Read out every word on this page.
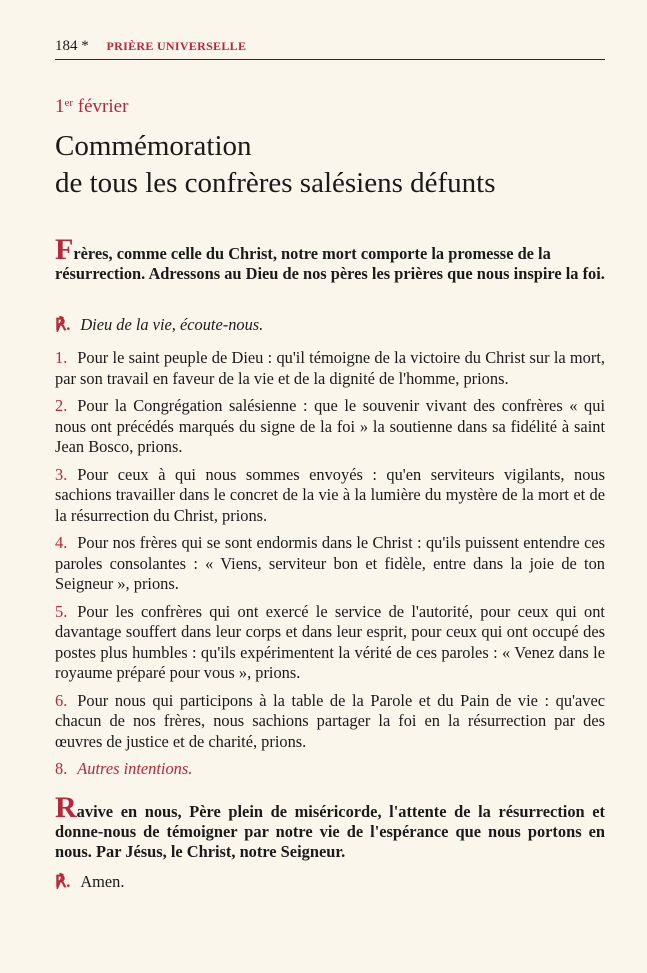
184 * PRIÈRE UNIVERSELLE
1er février
Commémoration
de tous les confrères salésiens défunts
Frères, comme celle du Christ, notre mort comporte la promesse de la résurrection. Adressons au Dieu de nos pères les prières que nous inspire la foi.
℟. Dieu de la vie, écoute-nous.
1. Pour le saint peuple de Dieu : qu'il témoigne de la victoire du Christ sur la mort, par son travail en faveur de la vie et de la dignité de l'homme, prions.
2. Pour la Congrégation salésienne : que le souvenir vivant des confrères « qui nous ont précédés marqués du signe de la foi » la soutienne dans sa fidélité à saint Jean Bosco, prions.
3. Pour ceux à qui nous sommes envoyés : qu'en serviteurs vigilants, nous sachions travailler dans le concret de la vie à la lumière du mystère de la mort et de la résurrection du Christ, prions.
4. Pour nos frères qui se sont endormis dans le Christ : qu'ils puissent entendre ces paroles consolantes : « Viens, serviteur bon et fidèle, entre dans la joie de ton Seigneur », prions.
5. Pour les confrères qui ont exercé le service de l'autorité, pour ceux qui ont davantage souffert dans leur corps et dans leur esprit, pour ceux qui ont occupé des postes plus humbles : qu'ils expérimentent la vérité de ces paroles : « Venez dans le royaume préparé pour vous », prions.
6. Pour nous qui participons à la table de la Parole et du Pain de vie : qu'avec chacun de nos frères, nous sachions partager la foi en la résurrection par des œuvres de justice et de charité, prions.
8. Autres intentions.
Ravive en nous, Père plein de miséricorde, l'attente de la résurrection et donne-nous de témoigner par notre vie de l'espérance que nous portons en nous. Par Jésus, le Christ, notre Seigneur.
℟. Amen.
